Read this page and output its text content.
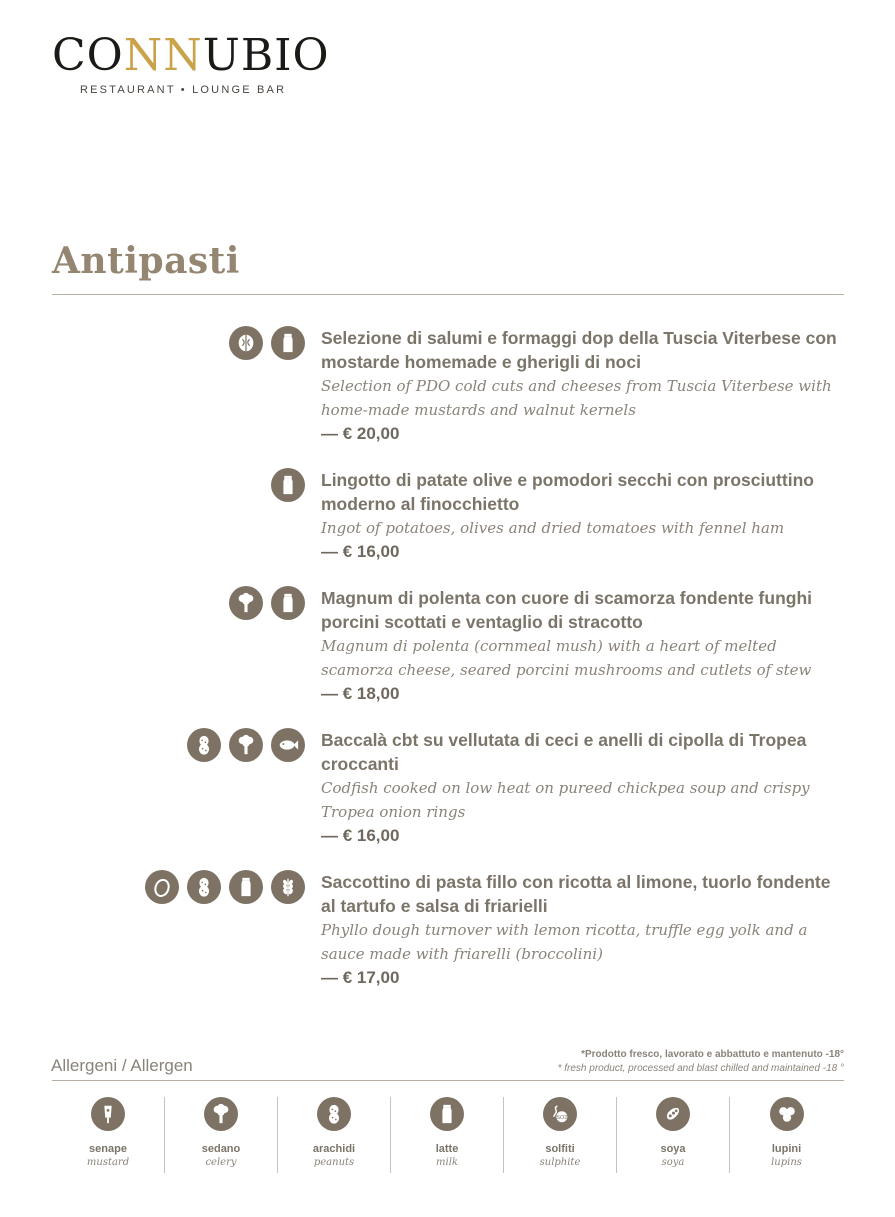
CONNUBIO
RESTAURANT • LOUNGE BAR
Antipasti
Selezione di salumi e formaggi dop della Tuscia Viterbese con mostarde homemade e gherigli di noci
Selection of PDO cold cuts and cheeses from Tuscia Viterbese with home-made mustards and walnut kernels
— € 20,00
Lingotto di patate olive e pomodori secchi con prosciuttino moderno al finocchietto
Ingot of potatoes, olives and dried tomatoes with fennel ham
— € 16,00
Magnum di polenta con cuore di scamorza fondente funghi porcini scottati e ventaglio di stracotto
Magnum di polenta (cornmeal mush) with a heart of melted scamorza cheese, seared porcini mushrooms and cutlets of stew
— € 18,00
Baccalà cbt su vellutata di ceci e anelli di cipolla di Tropea croccanti
Codfish cooked on low heat on pureed chickpea soup and crispy Tropea onion rings
— € 16,00
Saccottino di pasta fillo con ricotta al limone, tuorlo fondente al tartufo e salsa di friarielli
Phyllo dough turnover with lemon ricotta, truffle egg yolk and a sauce made with friarelli (broccolini)
— € 17,00
Allergeni / Allergen
*Prodotto fresco, lavorato e abbattuto e mantenuto -18°
* fresh product, processed and blast chilled and maintained -18 °
senape
mustard
sedano
celery
arachidi
peanuts
latte
milk
SO2
solfiti
sulphite
soya
soya
lupini
lupins
